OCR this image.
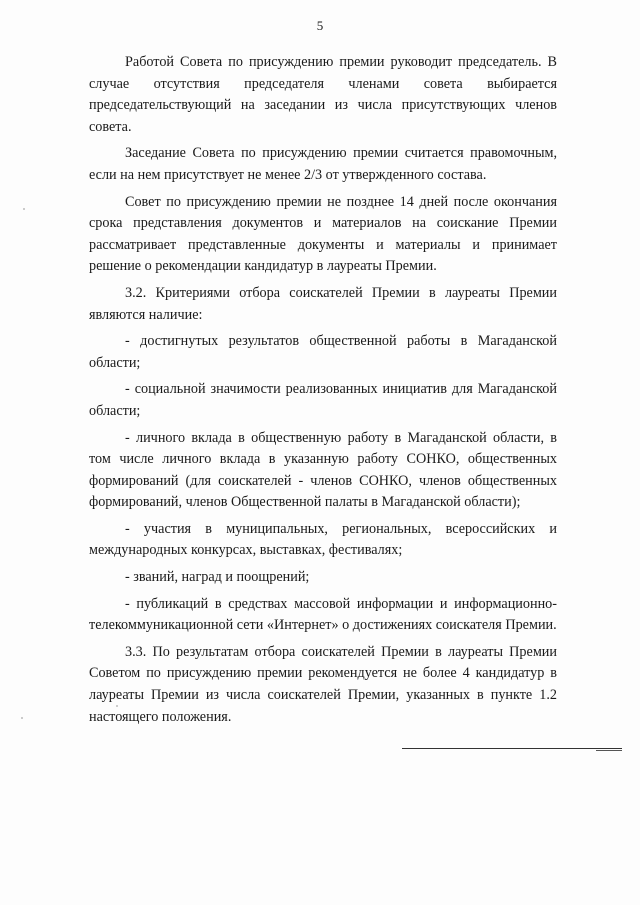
5

Работой Совета по присуждению премии руководит председатель. В случае отсутствия председателя членами совета выбирается председательствующий на заседании из числа присутствующих членов совета.

Заседание Совета по присуждению премии считается правомочным, если на нем присутствует не менее 2/3 от утвержденного состава.

Совет по присуждению премии не позднее 14 дней после окончания срока представления документов и материалов на соискание Премии рассматривает представленные документы и материалы и принимает решение о рекомендации кандидатур в лауреаты Премии.

3.2. Критериями отбора соискателей Премии в лауреаты Премии являются наличие:

- достигнутых результатов общественной работы в Магаданской области;

- социальной значимости реализованных инициатив для Магаданской области;

- личного вклада в общественную работу в Магаданской области, в том числе личного вклада в указанную работу СОНКО, общественных формирований (для соискателей - членов СОНКО, членов общественных формирований, членов Общественной палаты в Магаданской области);

- участия в муниципальных, региональных, всероссийских и международных конкурсах, выставках, фестивалях;

- званий, наград и поощрений;

- публикаций в средствах массовой информации и информационно-телекоммуникационной сети «Интернет» о достижениях соискателя Премии.

3.3. По результатам отбора соискателей Премии в лауреаты Премии Советом по присуждению премии рекомендуется не более 4 кандидатур в лауреаты Премии из числа соискателей Премии, указанных в пункте 1.2 настоящего положения.
